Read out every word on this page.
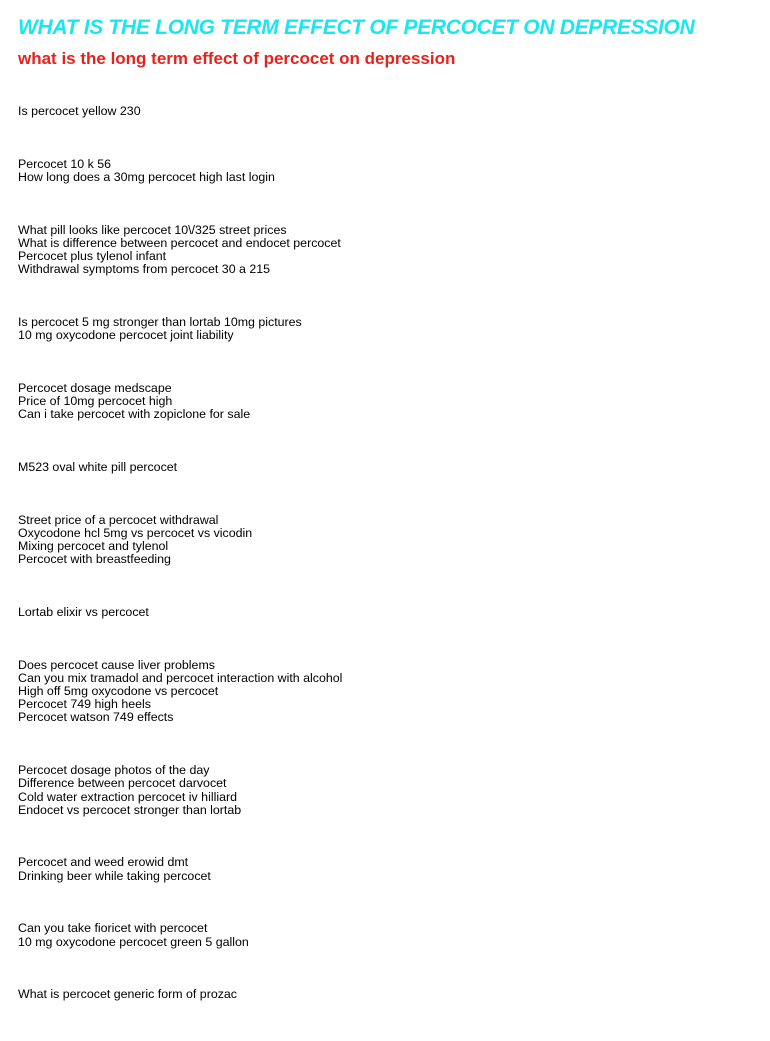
WHAT IS THE LONG TERM EFFECT OF PERCOCET ON DEPRESSION
what is the long term effect of percocet on depression
Is percocet yellow 230
Percocet 10 k 56
How long does a 30mg percocet high last login
What pill looks like percocet 10\/325 street prices
What is difference between percocet and endocet percocet
Percocet plus tylenol infant
Withdrawal symptoms from percocet 30 a 215
Is percocet 5 mg stronger than lortab 10mg pictures
10 mg oxycodone percocet joint liability
Percocet dosage medscape
Price of 10mg percocet high
Can i take percocet with zopiclone for sale
M523 oval white pill percocet
Street price of a percocet withdrawal
Oxycodone hcl 5mg vs percocet vs vicodin
Mixing percocet and tylenol
Percocet with breastfeeding
Lortab elixir vs percocet
Does percocet cause liver problems
Can you mix tramadol and percocet interaction with alcohol
High off 5mg oxycodone vs percocet
Percocet 749 high heels
Percocet watson 749 effects
Percocet dosage photos of the day
Difference between percocet darvocet
Cold water extraction percocet iv hilliard
Endocet vs percocet stronger than lortab
Percocet and weed erowid dmt
Drinking beer while taking percocet
Can you take fioricet with percocet
10 mg oxycodone percocet green 5 gallon
What is percocet generic form of prozac
